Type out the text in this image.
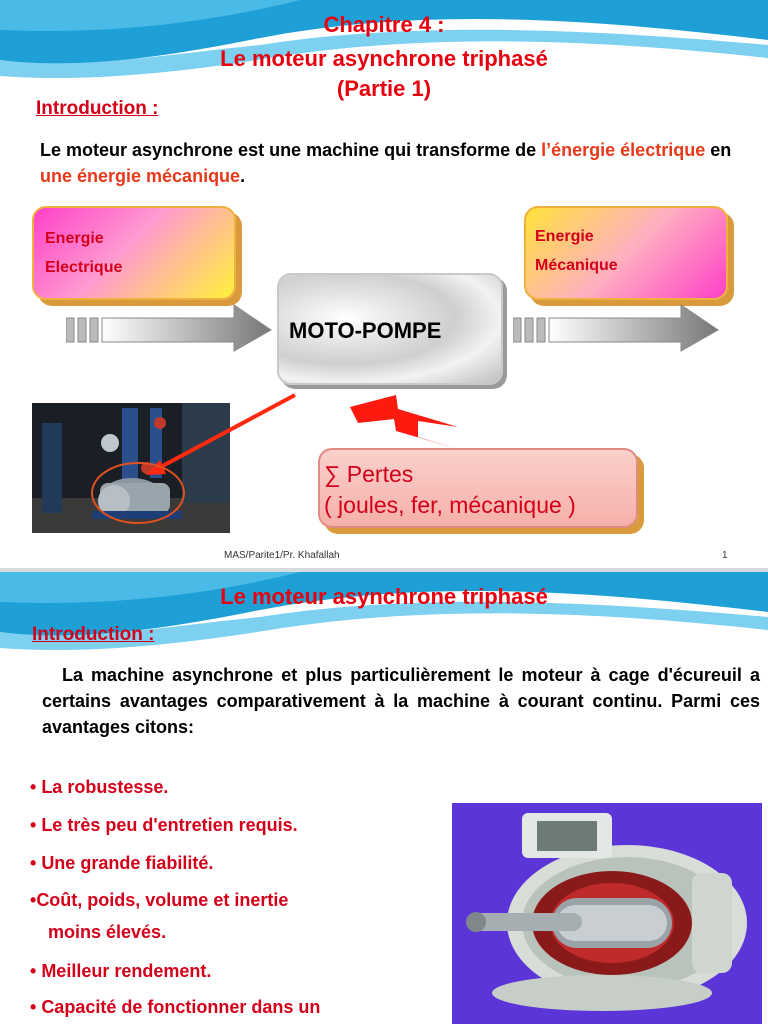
Chapitre 4 :
Le moteur asynchrone triphasé
(Partie 1)
Introduction :
Le moteur asynchrone est une machine qui transforme de l’énergie électrique en une énergie mécanique.
Energie
Electrique
Energie
Mécanique
MOTO-POMPE
∑ Pertes
( joules, fer, mécanique )
MAS/Parite1/Pr. Khafallah	1
Le moteur asynchrone triphasé
Introduction :
La machine asynchrone et plus particulièrement le moteur à cage d'écureuil a certains avantages comparativement à la machine à courant continu. Parmi ces avantages citons:
• La robustesse.
• Le très peu d'entretien requis.
• Une grande fiabilité.
•Coût, poids, volume et inertie
moins élevés.
• Meilleur rendement.
• Capacité de fonctionner dans un
